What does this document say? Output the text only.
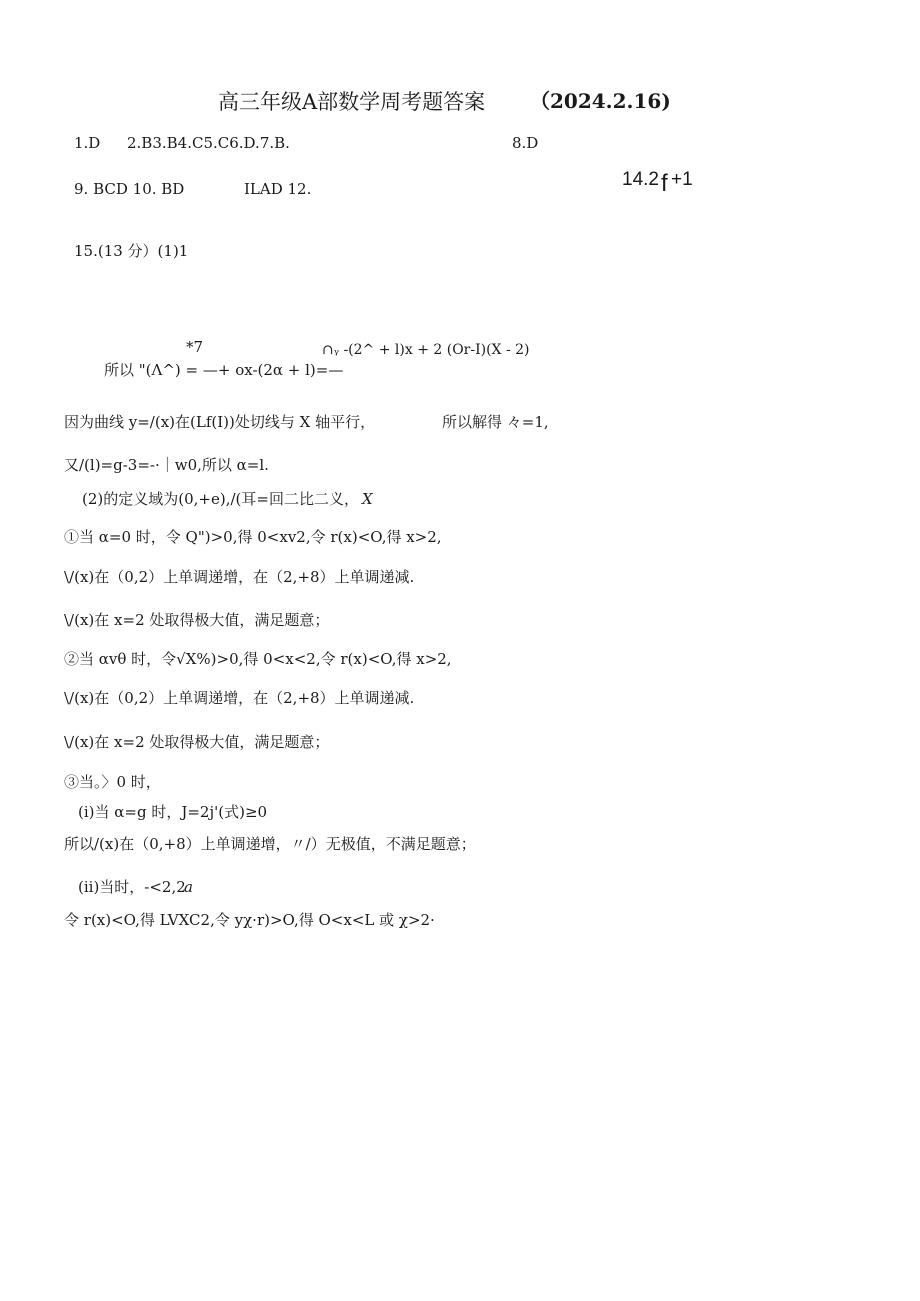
高三年级A部数学周考题答案 （2024.2.16)
1.D 2.B3.B4.C5.C6.D.7.B.	8.D
9. BCD 10. BD	ILAD 12.	14.2 f +1
15.(13 分）(1)1
*7	∩ᵧ -(2^ + l)x + 2 (Or-I)(X - 2)
所以 "(Λ^) = —+ ox-(2α + l)=—
因为曲线 y=/(x)在(Lf(I))处切线与 X 轴平行，	所以解得 々=1,
又/(l)=g-3=-·｜w0,所以 α=l.
(2)的定义域为(0,+e),/(耳=回二比二义， X
①当 α=0 时，令 Q")>0,得 0<xv2,令 r(x)<O,得 x>2,
\/(x)在（0,2）上单调递增，在（2,+8）上单调递减.
\/(x)在 x=2 处取得极大值，满足题意；
②当 αvθ 时，令√X%)>0,得 0<x<2,令 r(x)<O,得 x>2,
\/(x)在（0,2）上单调递增，在（2,+8）上单调递减.
\/(x)在 x=2 处取得极大值，满足题意；
③当。〉0 时，
(i)当 α=g 时，J=2j'(式)≥0
所以/(x)在（0,+8）上单调递增，〃/）无极值，不满足题意；
(ii)当时，-<2,2
a
令 r(x)<O,得 LVXC2,令 yχ·r)>O,得 O<x<L 或 χ>2·
